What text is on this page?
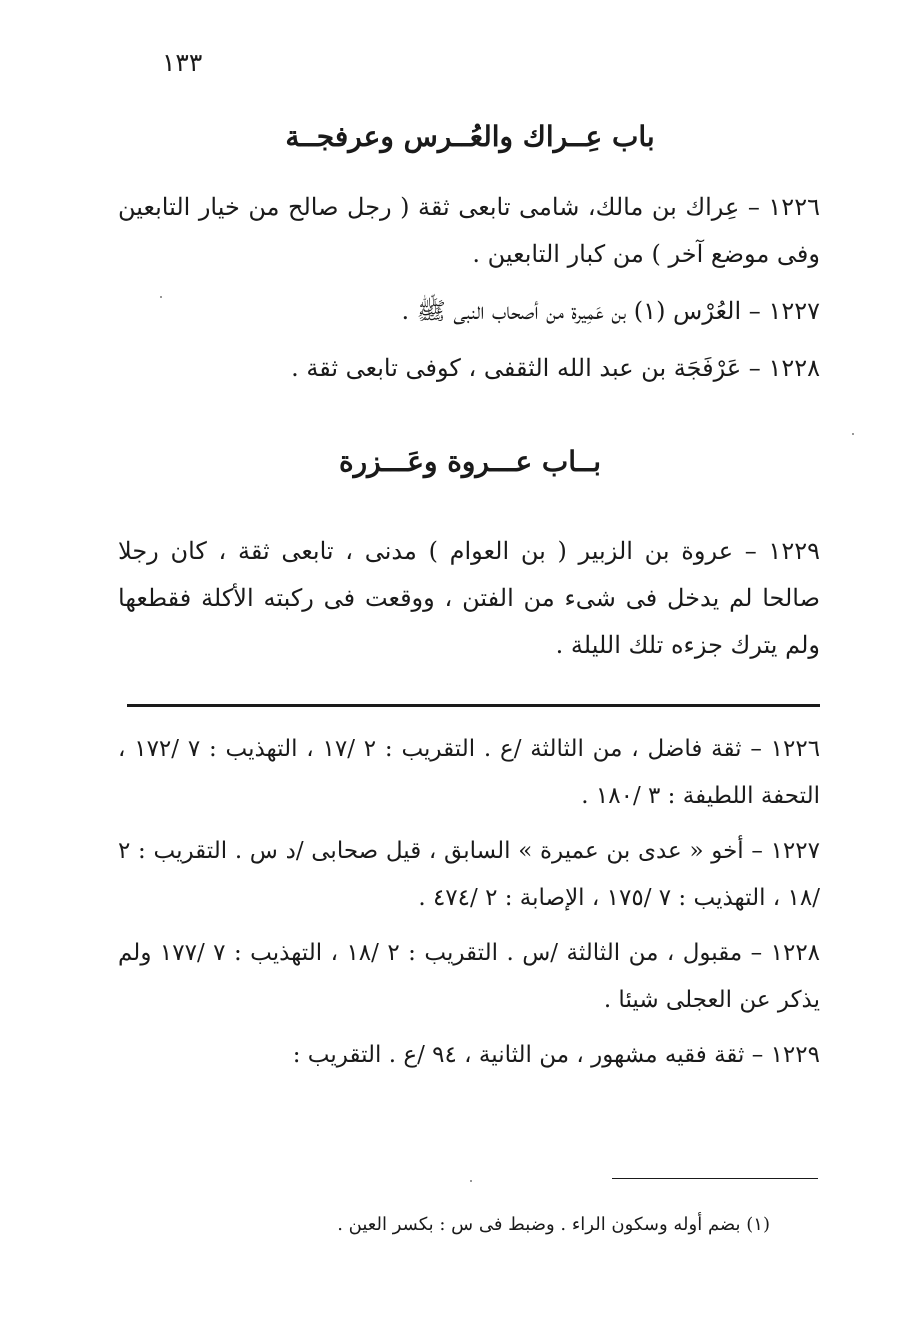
١٣٣
باب عِــراك والعُــرس وعرفجــة

١٢٢٦ – عِراك بن مالك، شامى تابعى ثقة ( رجل صالح من خيار التابعين وفى موضع آخر ) من كبار التابعين .

١٢٢٧ – العُرْس (١) بن عَمِيرة من أصحاب النبى ﷺ .

١٢٢٨ – عَرْفَجَة بن عبد الله الثقفى ، كوفى تابعى ثقة .

بــاب عـــروة وعَـــزرة

١٢٢٩ – عروة بن الزبير ( بن العوام ) مدنى ، تابعى ثقة ، كان رجلا صالحا لم يدخل فى شىء من الفتن ، ووقعت فى ركبته الأكلة فقطعها ولم يترك جزءه تلك الليلة .

١٢٢٦ – ثقة فاضل ، من الثالثة /ع . التقريب : ٢ /١٧ ، التهذيب : ٧ /١٧٢ ، التحفة اللطيفة : ٣ /١٨٠ .

١٢٢٧ – أخو « عدى بن عميرة » السابق ، قيل صحابى /د س . التقريب : ٢ /١٨ ، التهذيب : ٧ /١٧٥ ، الإصابة : ٢ /٤٧٤ .

١٢٢٨ – مقبول ، من الثالثة /س . التقريب : ٢ /١٨ ، التهذيب : ٧ /١٧٧ ولم يذكر عن العجلى شيئا .

١٢٢٩ – ثقة فقيه مشهور ، من الثانية ، ٩٤ /ع . التقريب :

(١) بضم أوله وسكون الراء . وضبط فى س : بكسر العين .
